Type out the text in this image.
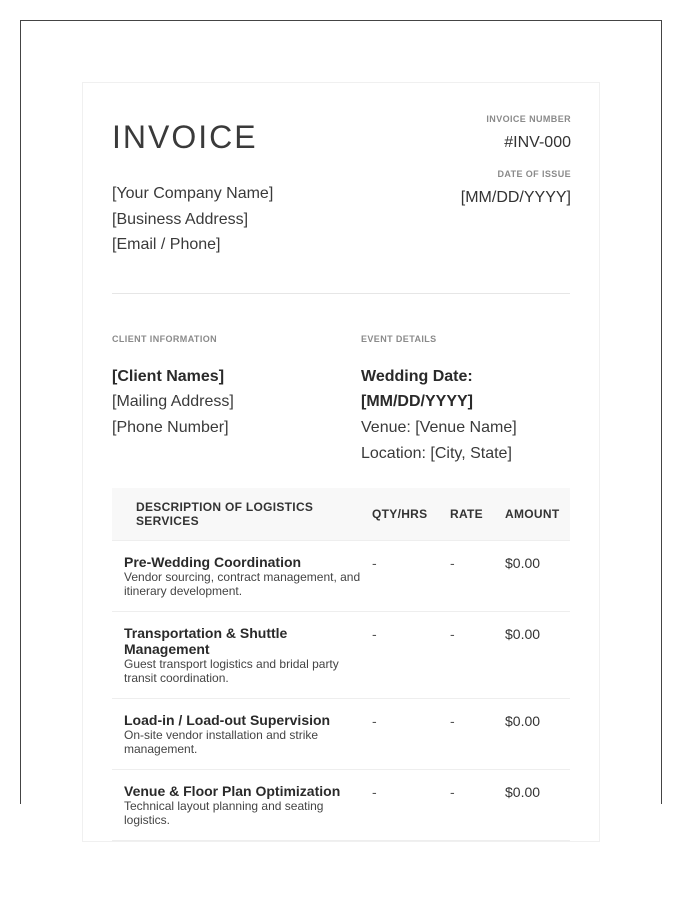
INVOICE
[Your Company Name]
[Business Address]
[Email / Phone]
INVOICE NUMBER
#INV-000
DATE OF ISSUE
[MM/DD/YYYY]
CLIENT INFORMATION
[Client Names]
[Mailing Address]
[Phone Number]
EVENT DETAILS
Wedding Date:
[MM/DD/YYYY]
Venue: [Venue Name]
Location: [City, State]
DESCRIPTION OF LOGISTICS SERVICES	QTY/HRS	RATE	AMOUNT

Pre-Wedding Coordination
Vendor sourcing, contract management, and itinerary development.	-	-	$0.00

Transportation & Shuttle Management
Guest transport logistics and bridal party transit coordination.	-	-	$0.00

Load-in / Load-out Supervision
On-site vendor installation and strike management.	-	-	$0.00

Venue & Floor Plan Optimization
Technical layout planning and seating logistics.	-	-	$0.00
